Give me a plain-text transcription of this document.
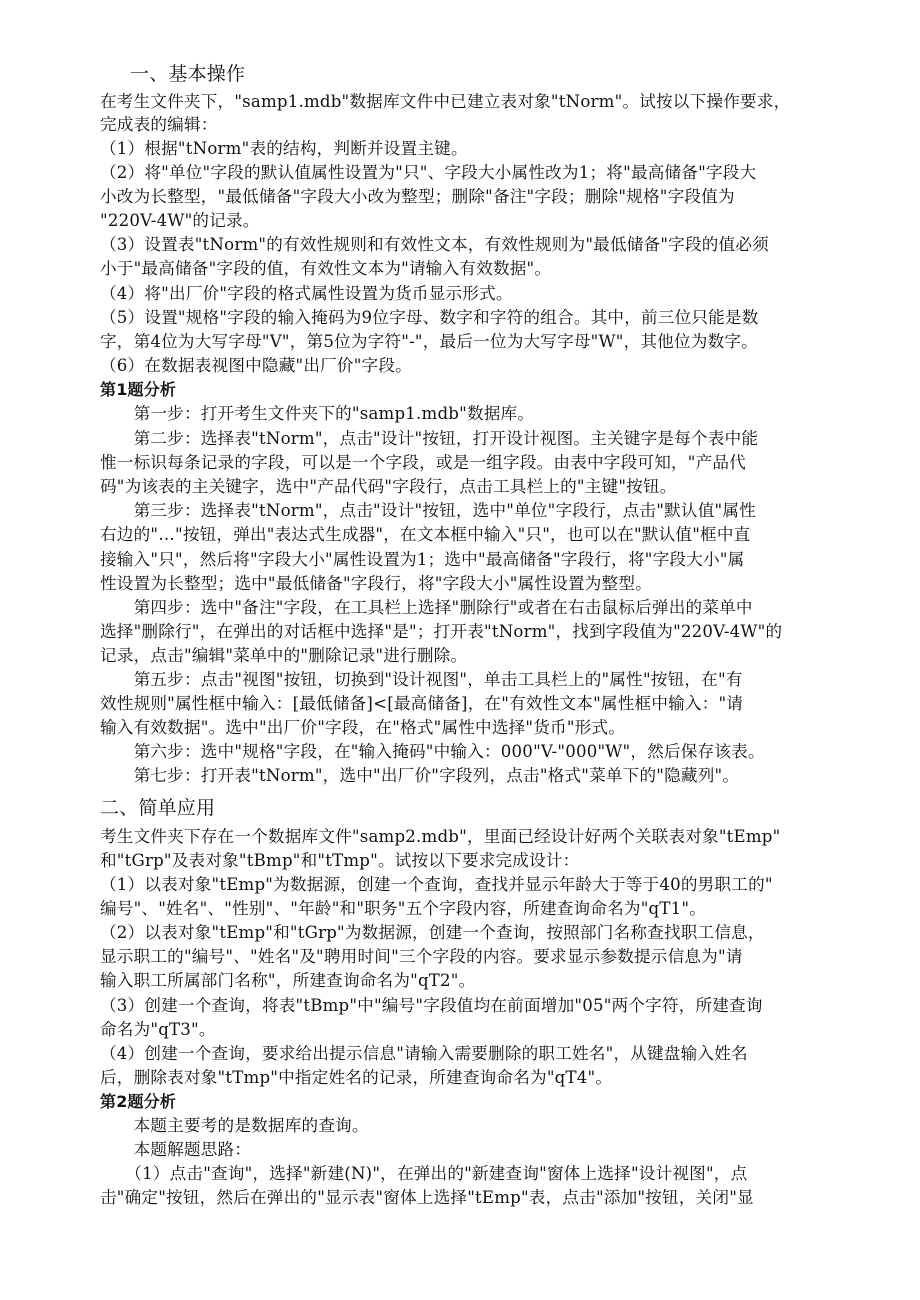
一、基本操作
在考生文件夹下，"samp1.mdb"数据库文件中已建立表对象"tNorm"。试按以下操作要求，
完成表的编辑：
（1）根据"tNorm"表的结构，判断并设置主键。
（2）将"单位"字段的默认值属性设置为"只"、字段大小属性改为1；将"最高储备"字段大
小改为长整型，"最低储备"字段大小改为整型；删除"备注"字段；删除"规格"字段值为
"220V-4W"的记录。
（3）设置表"tNorm"的有效性规则和有效性文本，有效性规则为"最低储备"字段的值必须
小于"最高储备"字段的值，有效性文本为"请输入有效数据"。
（4）将"出厂价"字段的格式属性设置为货币显示形式。
（5）设置"规格"字段的输入掩码为9位字母、数字和字符的组合。其中，前三位只能是数
字，第4位为大写字母"V"，第5位为字符"-"，最后一位为大写字母"W"，其他位为数字。
（6）在数据表视图中隐藏"出厂价"字段。
第1题分析
　　第一步：打开考生文件夹下的"samp1.mdb"数据库。
　　第二步：选择表"tNorm"，点击"设计"按钮，打开设计视图。主关键字是每个表中能
惟一标识每条记录的字段，可以是一个字段，或是一组字段。由表中字段可知，"产品代
码"为该表的主关键字，选中"产品代码"字段行，点击工具栏上的"主键"按钮。
　　第三步：选择表"tNorm"，点击"设计"按钮，选中"单位"字段行，点击"默认值"属性
右边的"…"按钮，弹出"表达式生成器"，在文本框中输入"只"，也可以在"默认值"框中直
接输入"只"，然后将"字段大小"属性设置为1；选中"最高储备"字段行，将"字段大小"属
性设置为长整型；选中"最低储备"字段行，将"字段大小"属性设置为整型。
　　第四步：选中"备注"字段，在工具栏上选择"删除行"或者在右击鼠标后弹出的菜单中
选择"删除行"，在弹出的对话框中选择"是"；打开表"tNorm"，找到字段值为"220V-4W"的
记录，点击"编辑"菜单中的"删除记录"进行删除。
　　第五步：点击"视图"按钮，切换到"设计视图"，单击工具栏上的"属性"按钮，在"有
效性规则"属性框中输入：[最低储备]<[最高储备]，在"有效性文本"属性框中输入："请
输入有效数据"。选中"出厂价"字段，在"格式"属性中选择"货币"形式。
　　第六步：选中"规格"字段，在"输入掩码"中输入：000"V-"000"W"，然后保存该表。
　　第七步：打开表"tNorm"，选中"出厂价"字段列，点击"格式"菜单下的"隐藏列"。
二、简单应用
考生文件夹下存在一个数据库文件"samp2.mdb"，里面已经设计好两个关联表对象"tEmp"
和"tGrp"及表对象"tBmp"和"tTmp"。试按以下要求完成设计：
（1）以表对象"tEmp"为数据源，创建一个查询，查找并显示年龄大于等于40的男职工的"
编号"、"姓名"、"性别"、"年龄"和"职务"五个字段内容，所建查询命名为"qT1"。
（2）以表对象"tEmp"和"tGrp"为数据源，创建一个查询，按照部门名称查找职工信息，
显示职工的"编号"、"姓名"及"聘用时间"三个字段的内容。要求显示参数提示信息为"请
输入职工所属部门名称"，所建查询命名为"qT2"。
（3）创建一个查询，将表"tBmp"中"编号"字段值均在前面增加"05"两个字符，所建查询
命名为"qT3"。
（4）创建一个查询，要求给出提示信息"请输入需要删除的职工姓名"，从键盘输入姓名
后，删除表对象"tTmp"中指定姓名的记录，所建查询命名为"qT4"。
第2题分析
　　本题主要考的是数据库的查询。
　　本题解题思路：
　　（1）点击"查询"，选择"新建(N)"，在弹出的"新建查询"窗体上选择"设计视图"，点
击"确定"按钮，然后在弹出的"显示表"窗体上选择"tEmp"表，点击"添加"按钮，关闭"显
